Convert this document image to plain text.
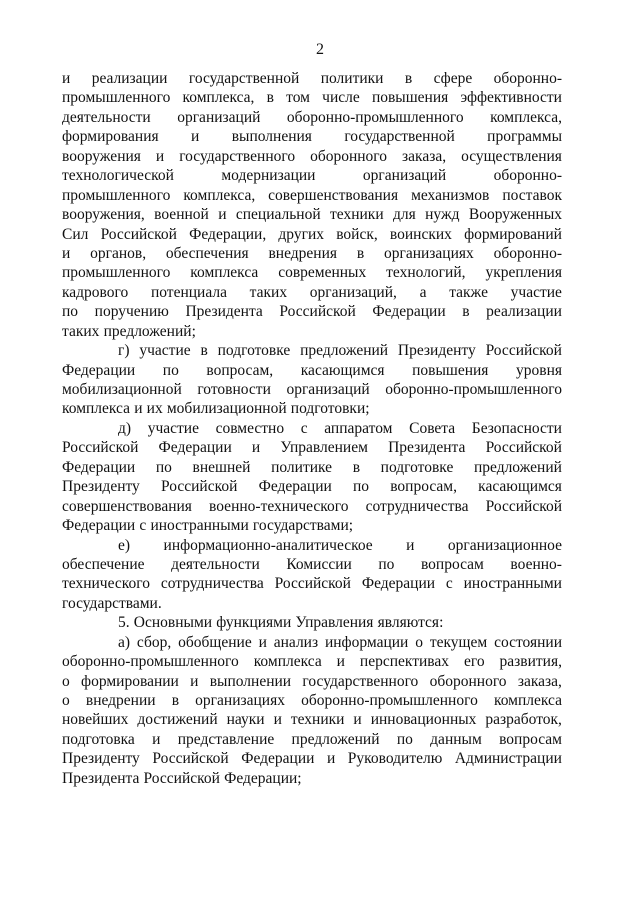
2
и реализации государственной политики в сфере оборонно-
промышленного комплекса, в том числе повышения эффективности
деятельности организаций оборонно-промышленного комплекса,
формирования и выполнения государственной программы
вооружения и государственного оборонного заказа, осуществления
технологической	модернизации	организаций	оборонно-
промышленного комплекса, совершенствования механизмов поставок
вооружения, военной и специальной техники для нужд Вооруженных
Сил Российской Федерации, других войск, воинских формирований
и органов, обеспечения внедрения в организациях оборонно-
промышленного комплекса современных технологий, укрепления
кадрового потенциала таких организаций, а также участие
по поручению Президента Российской Федерации в реализации
таких предложений;
г) участие в подготовке предложений Президенту Российской
Федерации по вопросам, касающимся повышения уровня
мобилизационной готовности организаций оборонно-промышленного
комплекса и их мобилизационной подготовки;
д) участие совместно с аппаратом Совета Безопасности
Российской Федерации и Управлением Президента Российской
Федерации по внешней политике в подготовке предложений
Президенту Российской Федерации по вопросам, касающимся
совершенствования военно-технического сотрудничества Российской
Федерации с иностранными государствами;
е) информационно-аналитическое и организационное
обеспечение деятельности Комиссии по вопросам военно-
технического сотрудничества Российской Федерации с иностранными
государствами.
5. Основными функциями Управления являются:
а) сбор, обобщение и анализ информации о текущем состоянии
оборонно-промышленного комплекса и перспективах его развития,
о формировании и выполнении государственного оборонного заказа,
о внедрении в организациях оборонно-промышленного комплекса
новейших достижений науки и техники и инновационных разработок,
подготовка и представление предложений по данным вопросам
Президенту Российской Федерации и Руководителю Администрации
Президента Российской Федерации;
